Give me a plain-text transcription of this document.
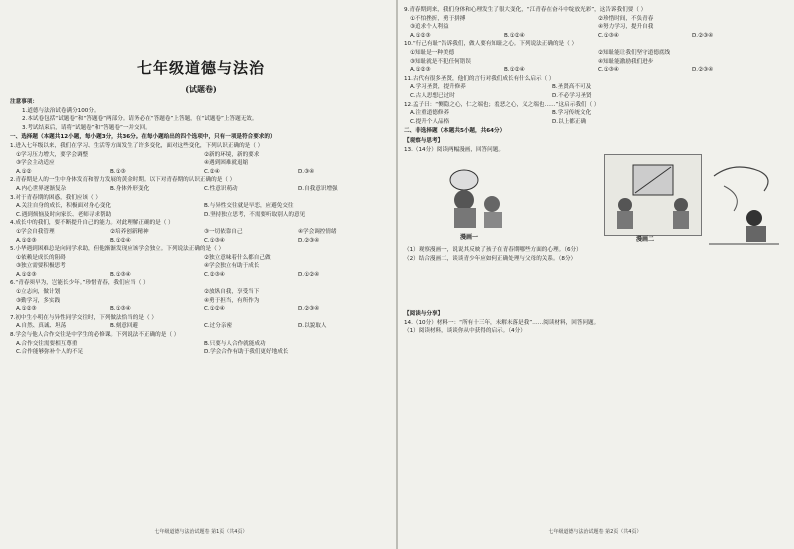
七年级道德与法治
(试题卷)
注意事项：
1.道德与法治试卷满分100分。
2.本试卷包括“试题卷”和“答题卷”两部分。请务必在“答题卷”上答题，在“试题卷”上答题无效。
3.考试结束后，请将“试题卷”和“答题卷”一并交回。
一、选择题（本题共12小题，每小题3分，共36分。在每小题给出的四个选项中，只有一项是符合要求的）
1.进入七年级以来，我们在学习、生活等方面发生了许多变化，面对这些变化，下列认识正确的是（ ）
①学习压力增大，要学会调整	②新的环境，新的要求
③学会主动适应	④遇到困难就退缩
A.①②	B.①③	C.②④	D.③④
2.青春期是人的一生中身体发育和智力发展的黄金时期。以下对青春期的认识正确的是（ ）
A.内心世界逐渐复杂	B.身体外形变化	C.性意识萌动	D.自我意识增强
3.对于青春期的困惑，我们应该（ ）
A.关注自身的成长，积极面对身心变化	B.与异性交往就是早恋，应避免交往
C.遇到烦恼及时向家长、老师寻求帮助	D.坚持独立思考，不需要听取别人的意见
4.成长中的我们，要不断提升自己的能力。对此理解正确的是（ ）
①学会自我管理	②培养创新精神	③一切依靠自己	④学会调控情绪
A.①②③	B.①②④	C.①③④	D.②③④
5.小华遇到困难总是向同学求助，但他渐渐发现应该学会独立。下列说法正确的是（ ）
①依赖是成长的阻碍	②独立意味着什么都自己做
③独立需要积极思考	④学会独立有助于成长
A.①②③	B.①③④	C.②③④	D.①②④
6.“青春须早为，岂能长少年。”珍惜青春，我们应当（ ）
①立志向，做计划	②放纵自我，享受当下
③勤学习，多实践	④勇于担当，有所作为
A.①②③	B.①③④	C.①②④	D.②③④
7.初中生小明在与异性同学交往时，下列做法恰当的是（ ）
A.自然、真诚、坦荡	B.刻意回避	C.过分亲密	D.以貌取人
8.学会与他人合作交往是中学生的必修课。下列说法不正确的是（ ）
A.合作交往需要相互尊重	B.只要与人合作就能成功
C.合作能够弥补个人的不足	D.学会合作有助于我们更好地成长
七年级道德与法治试题卷 第1页（共4页）
9.青春期到来，我们身体和心理发生了很大变化，“江青春在奋斗中绽放光彩”，这告诉我们要（ ）
①不怕挫折，勇于拼搏	②珍惜时间，不负青春
③追求个人利益	④努力学习，提升自我
A.①②③	B.①②④	C.①③④	D.②③④
10.“行己有耻”告诉我们，做人要有知耻之心。下列说法正确的是（ ）
①知耻是一种美德	②知耻能让我们坚守道德底线
③知耻就是不犯任何错误	④知耻能激励我们进步
A.①②③	B.①②④	C.①③④	D.②③④
11.古代有很多圣贤，他们的言行对我们成长有什么启示（ ）
A.学习圣贤，提升修养	B.圣贤高不可及
C.古人思想已过时	D.不必学习圣贤
12.孟子曰：“恻隐之心，仁之端也；羞恶之心，义之端也……”这启示我们（ ）
A.注重道德修养	B.学习传统文化
C.提升个人品格	D.以上都正确
二、非选择题（本题共5小题，共64分）
【观察与思考】
13.（14分）阅读两幅漫画，回答问题。
漫画一	漫画二
（1）观察漫画一，说说其反映了孩子在青春期哪些方面的心理。（6分）
（2）结合漫画二，谈谈青少年应如何正确处理与父母的关系。（8分）
【阅读与分享】
14.（10分）材料一：“所有十三年，未解未落是我”……阅读材料，回答问题。
（1）阅读材料，谈谈你从中获得的启示。（4分）
七年级道德与法治试题卷 第2页（共4页）
